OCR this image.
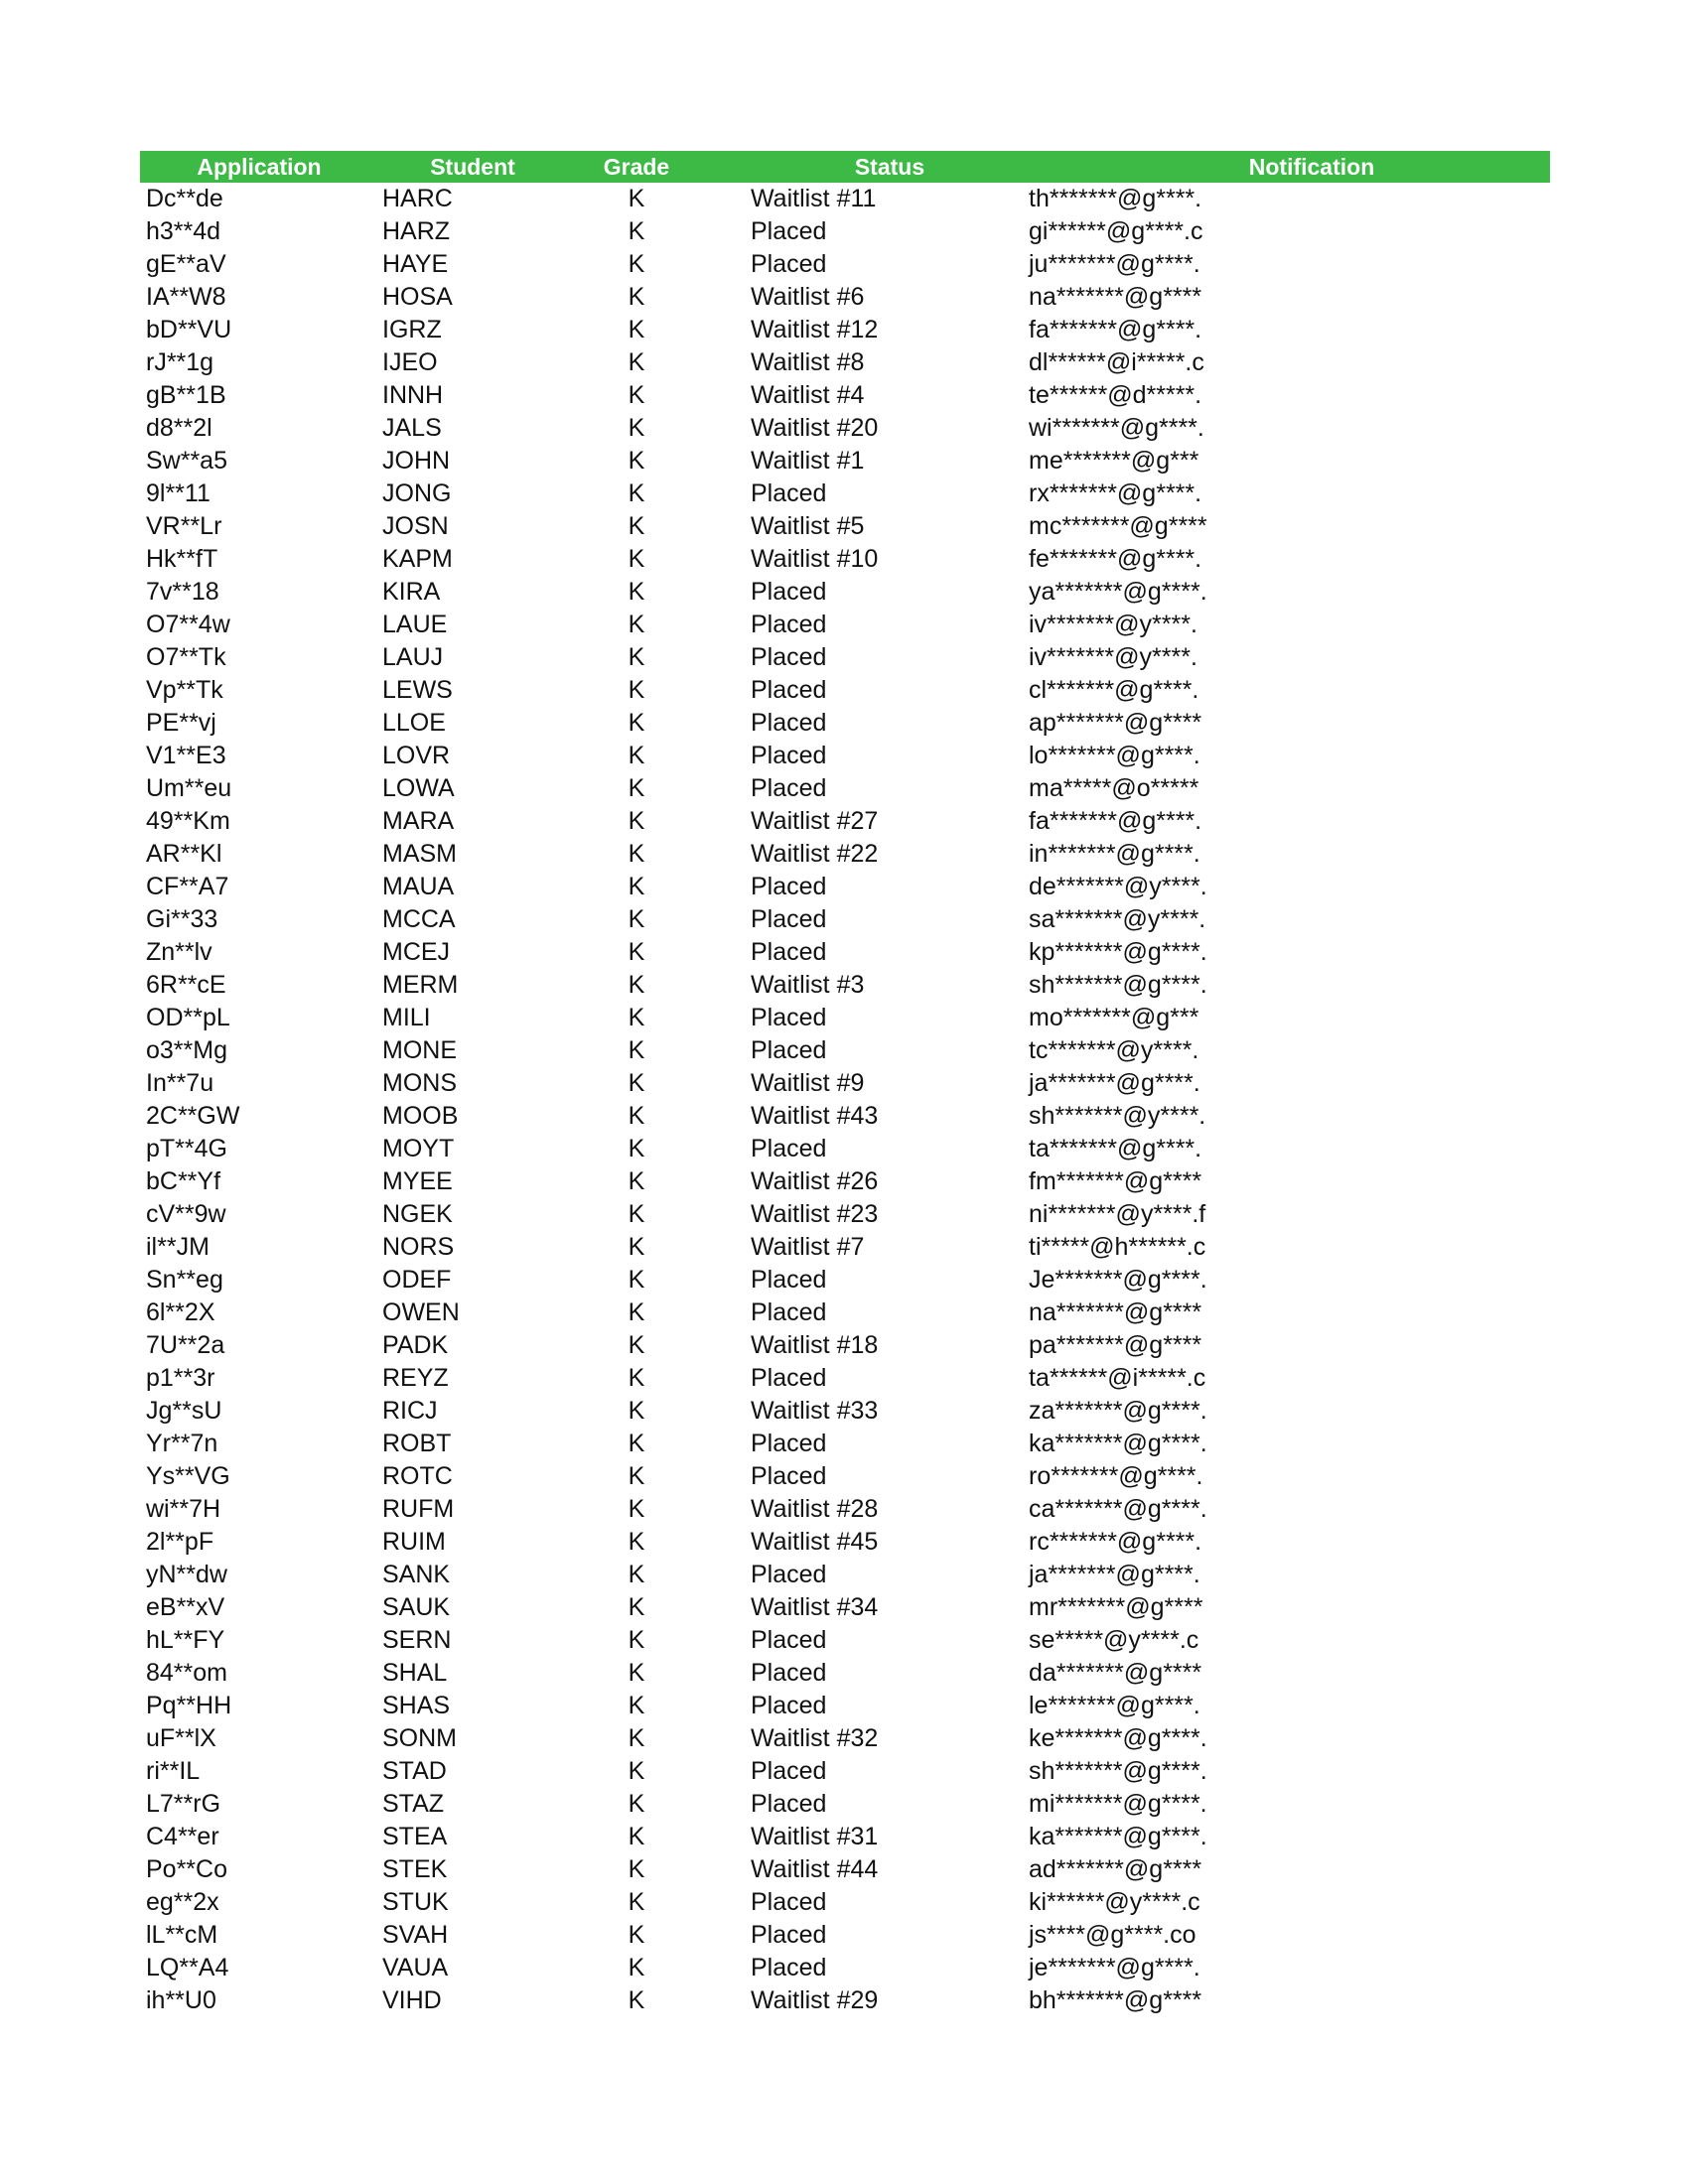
Application	Student	Grade	Status	Notification
Dc**de	HARC	K	Waitlist #11	th*******@g****.
h3**4d	HARZ	K	Placed	gi******@g****.c
gE**aV	HAYE	K	Placed	ju*******@g****.
IA**W8	HOSA	K	Waitlist #6	na*******@g****
bD**VU	IGRZ	K	Waitlist #12	fa*******@g****.
rJ**1g	IJEO	K	Waitlist #8	dl******@i*****.c
gB**1B	INNH	K	Waitlist #4	te******@d*****.
d8**2l	JALS	K	Waitlist #20	wi*******@g****.
Sw**a5	JOHN	K	Waitlist #1	me*******@g***
9l**11	JONG	K	Placed	rx*******@g****.
VR**Lr	JOSN	K	Waitlist #5	mc*******@g****
Hk**fT	KAPM	K	Waitlist #10	fe*******@g****.
7v**18	KIRA	K	Placed	ya*******@g****.
O7**4w	LAUE	K	Placed	iv*******@y****.
O7**Tk	LAUJ	K	Placed	iv*******@y****.
Vp**Tk	LEWS	K	Placed	cl*******@g****.
PE**vj	LLOE	K	Placed	ap*******@g****
V1**E3	LOVR	K	Placed	lo*******@g****.
Um**eu	LOWA	K	Placed	ma*****@o*****
49**Km	MARA	K	Waitlist #27	fa*******@g****.
AR**Kl	MASM	K	Waitlist #22	in*******@g****.
CF**A7	MAUA	K	Placed	de*******@y****.
Gi**33	MCCA	K	Placed	sa*******@y****.
Zn**lv	MCEJ	K	Placed	kp*******@g****.
6R**cE	MERM	K	Waitlist #3	sh*******@g****.
OD**pL	MILI	K	Placed	mo*******@g***
o3**Mg	MONE	K	Placed	tc*******@y****.
In**7u	MONS	K	Waitlist #9	ja*******@g****.
2C**GW	MOOB	K	Waitlist #43	sh*******@y****.
pT**4G	MOYT	K	Placed	ta*******@g****.
bC**Yf	MYEE	K	Waitlist #26	fm*******@g****
cV**9w	NGEK	K	Waitlist #23	ni*******@y****.f
il**JM	NORS	K	Waitlist #7	ti*****@h******.c
Sn**eg	ODEF	K	Placed	Je*******@g****.
6l**2X	OWEN	K	Placed	na*******@g****
7U**2a	PADK	K	Waitlist #18	pa*******@g****
p1**3r	REYZ	K	Placed	ta******@i*****.c
Jg**sU	RICJ	K	Waitlist #33	za*******@g****.
Yr**7n	ROBT	K	Placed	ka*******@g****.
Ys**VG	ROTC	K	Placed	ro*******@g****.
wi**7H	RUFM	K	Waitlist #28	ca*******@g****.
2l**pF	RUIM	K	Waitlist #45	rc*******@g****.
yN**dw	SANK	K	Placed	ja*******@g****.
eB**xV	SAUK	K	Waitlist #34	mr*******@g****
hL**FY	SERN	K	Placed	se*****@y****.c
84**om	SHAL	K	Placed	da*******@g****
Pq**HH	SHAS	K	Placed	le*******@g****.
uF**lX	SONM	K	Waitlist #32	ke*******@g****.
ri**IL	STAD	K	Placed	sh*******@g****.
L7**rG	STAZ	K	Placed	mi*******@g****.
C4**er	STEA	K	Waitlist #31	ka*******@g****.
Po**Co	STEK	K	Waitlist #44	ad*******@g****
eg**2x	STUK	K	Placed	ki******@y****.c
lL**cM	SVAH	K	Placed	js****@g****.co
LQ**A4	VAUA	K	Placed	je*******@g****.
ih**U0	VIHD	K	Waitlist #29	bh*******@g****
